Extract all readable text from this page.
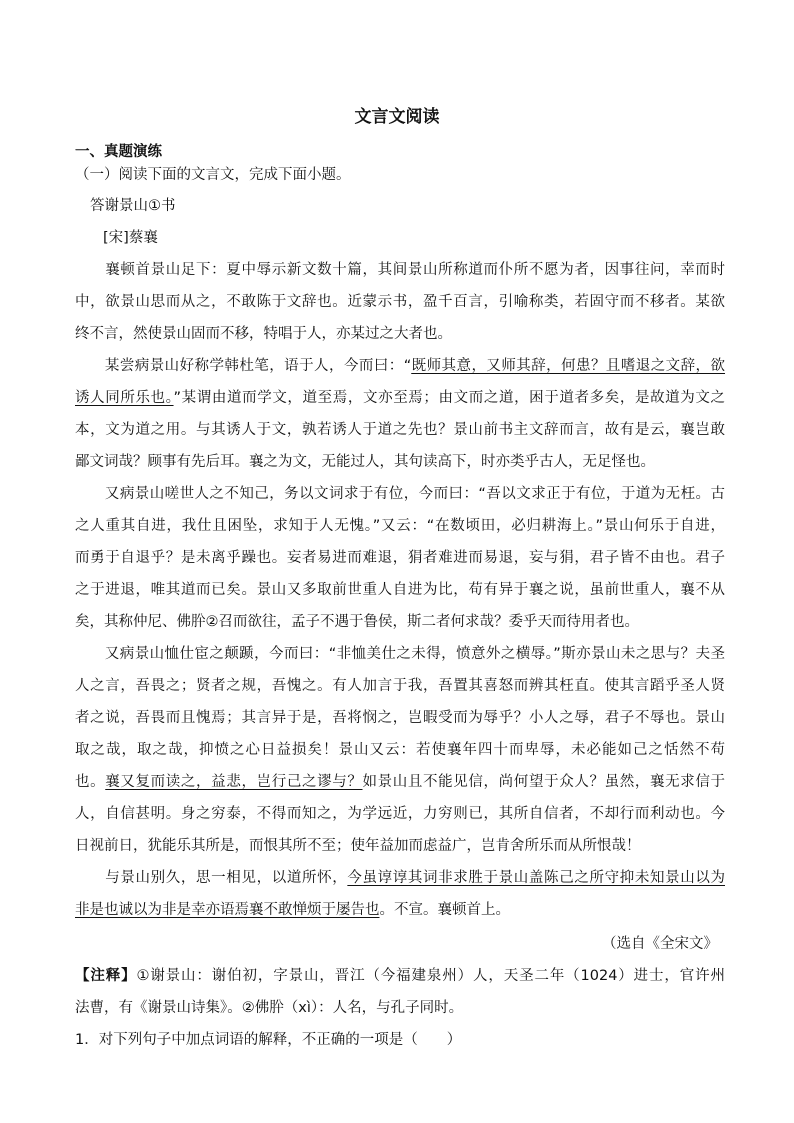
文言文阅读
一、真题演练
（一）阅读下面的文言文，完成下面小题。
答谢景山①书
[宋]蔡襄
　　襄顿首景山足下：夏中辱示新文数十篇，其间景山所称道而仆所不愿为者，因事往问，幸而时
中，欲景山思而从之，不敢陈于文辞也。近蒙示书，盈千百言，引喻称类，若固守而不移者。某欲
终不言，然使景山固而不移，特唱于人，亦某过之大者也。
　　某尝病景山好称学韩杜笔，语于人，今而曰：“既师其意，又师其辞，何患？且嗜退之文辞，欲
诱人同所乐也。”某谓由道而学文，道至焉，文亦至焉；由文而之道，困于道者多矣，是故道为文之
本，文为道之用。与其诱人于文，孰若诱人于道之先也？景山前书主文辞而言，故有是云，襄岂敢
鄙文词哉？顾事有先后耳。襄之为文，无能过人，其句读高下，时亦类乎古人，无足怪也。
　　又病景山嗟世人之不知己，务以文词求于有位，今而曰：“吾以文求正于有位，于道为无枉。古
之人重其自进，我仕且困坠，求知于人无愧。”又云：“在数顷田，必归耕海上。”景山何乐于自进，
而勇于自退乎？是未离乎躁也。妄者易进而难退，狷者难进而易退，妄与狷，君子皆不由也。君子
之于进退，唯其道而已矣。景山又多取前世重人自进为比，苟有异于襄之说，虽前世重人，襄不从
矣，其称仲尼、佛肸②召而欲往，孟子不遇于鲁侯，斯二者何求哉？委乎天而待用者也。
　　又病景山恤仕宦之颠踬，今而曰：“非恤美仕之未得，愤意外之横辱。”斯亦景山未之思与？夫圣
人之言，吾畏之；贤者之规，吾愧之。有人加言于我，吾置其喜怒而辨其枉直。使其言蹈乎圣人贤
者之说，吾畏而且愧焉；其言异于是，吾将悯之，岂暇受而为辱乎？小人之辱，君子不辱也。景山
取之哉，取之哉，抑愤之心日益损矣！景山又云：若使襄年四十而卑辱，未必能如己之恬然不苟
也。襄又复而读之，益悲，岂行己之谬与？如景山且不能见信，尚何望于众人？虽然，襄无求信于
人，自信甚明。身之穷泰，不得而知之，为学远近，力穷则已，其所自信者，不却行而利动也。今
日视前日，犹能乐其所是，而恨其所不至；使年益加而虑益广，岂肯舍所乐而从所恨哉！
　　与景山别久，思一相见，以道所怀，今虽谆谆其词非求胜于景山盖陈己之所守抑未知景山以为
非是也诚以为非是幸亦语焉襄不敢惮烦于屡告也。不宣。襄顿首上。
（选自《全宋文》
【注释】①谢景山：谢伯初，字景山，晋江（今福建泉州）人，天圣二年（1024）进士，官许州
法曹，有《谢景山诗集》。②佛肸（xì）：人名，与孔子同时。
1．对下列句子中加点词语的解释，不正确的一项是（　　）
